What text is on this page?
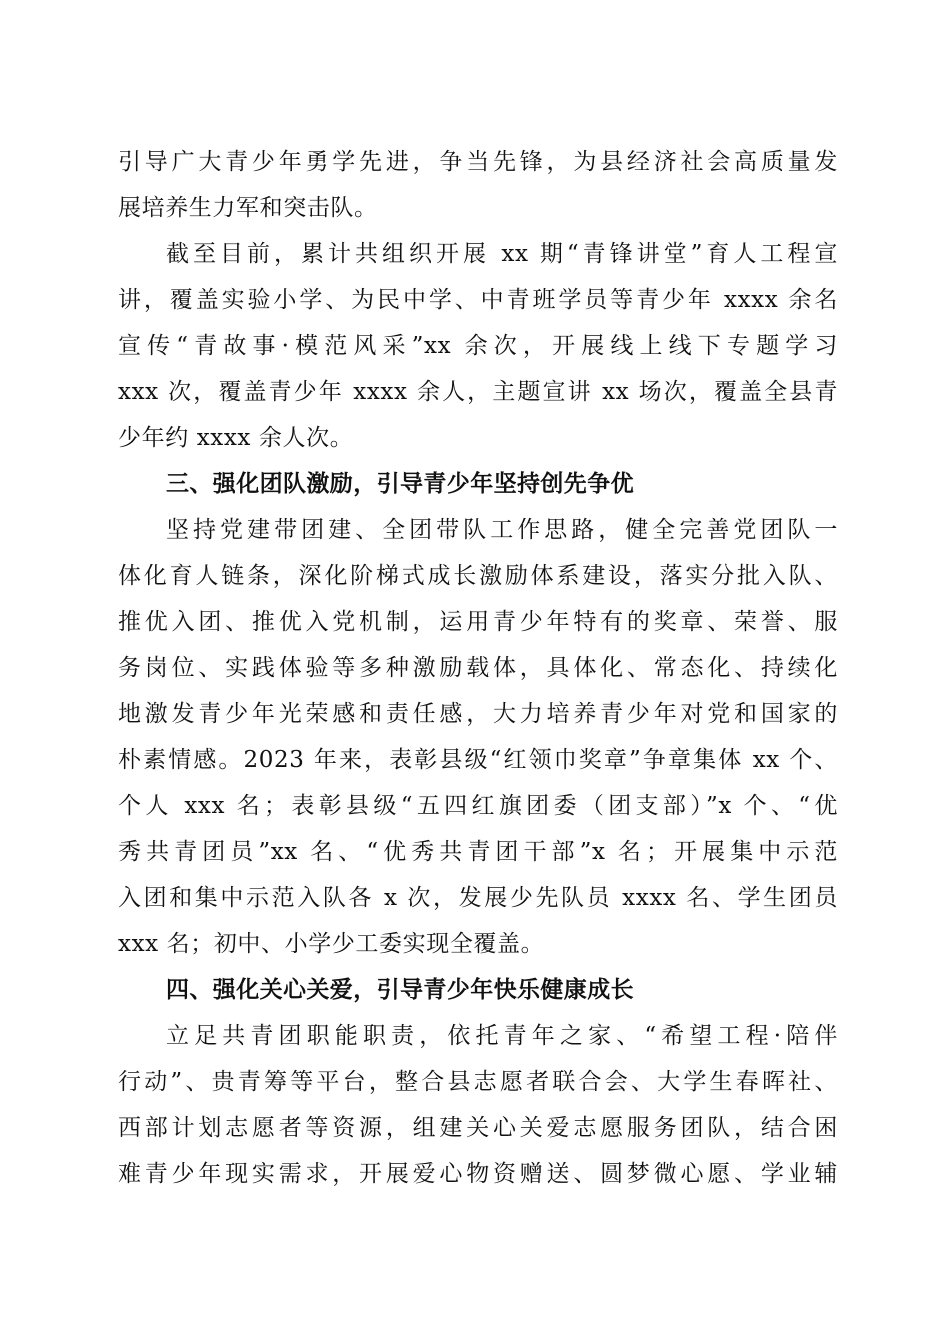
引导广大青少年勇学先进，争当先锋，为县经济社会高质量发
展培养生力军和突击队。
截至目前，累计共组织开展 xx 期“青锋讲堂”育人工程宣
讲，覆盖实验小学、为民中学、中青班学员等青少年 xxxx 余名
宣传“青故事·模范风采”xx 余次，开展线上线下专题学习
xxx 次，覆盖青少年 xxxx 余人，主题宣讲 xx 场次，覆盖全县青
少年约 xxxx 余人次。
三、强化团队激励，引导青少年坚持创先争优
坚持党建带团建、全团带队工作思路，健全完善党团队一
体化育人链条，深化阶梯式成长激励体系建设，落实分批入队、
推优入团、推优入党机制，运用青少年特有的奖章、荣誉、服
务岗位、实践体验等多种激励载体，具体化、常态化、持续化
地激发青少年光荣感和责任感，大力培养青少年对党和国家的
朴素情感。2023 年来，表彰县级“红领巾奖章”争章集体 xx 个、
个人 xxx 名；表彰县级“五四红旗团委（团支部）”x 个、“优
秀共青团员”xx 名、“优秀共青团干部”x 名；开展集中示范
入团和集中示范入队各 x 次，发展少先队员 xxxx 名、学生团员
xxx 名；初中、小学少工委实现全覆盖。
四、强化关心关爱，引导青少年快乐健康成长
立足共青团职能职责，依托青年之家、“希望工程·陪伴
行动”、贵青筹等平台，整合县志愿者联合会、大学生春晖社、
西部计划志愿者等资源，组建关心关爱志愿服务团队，结合困
难青少年现实需求，开展爱心物资赠送、圆梦微心愿、学业辅
